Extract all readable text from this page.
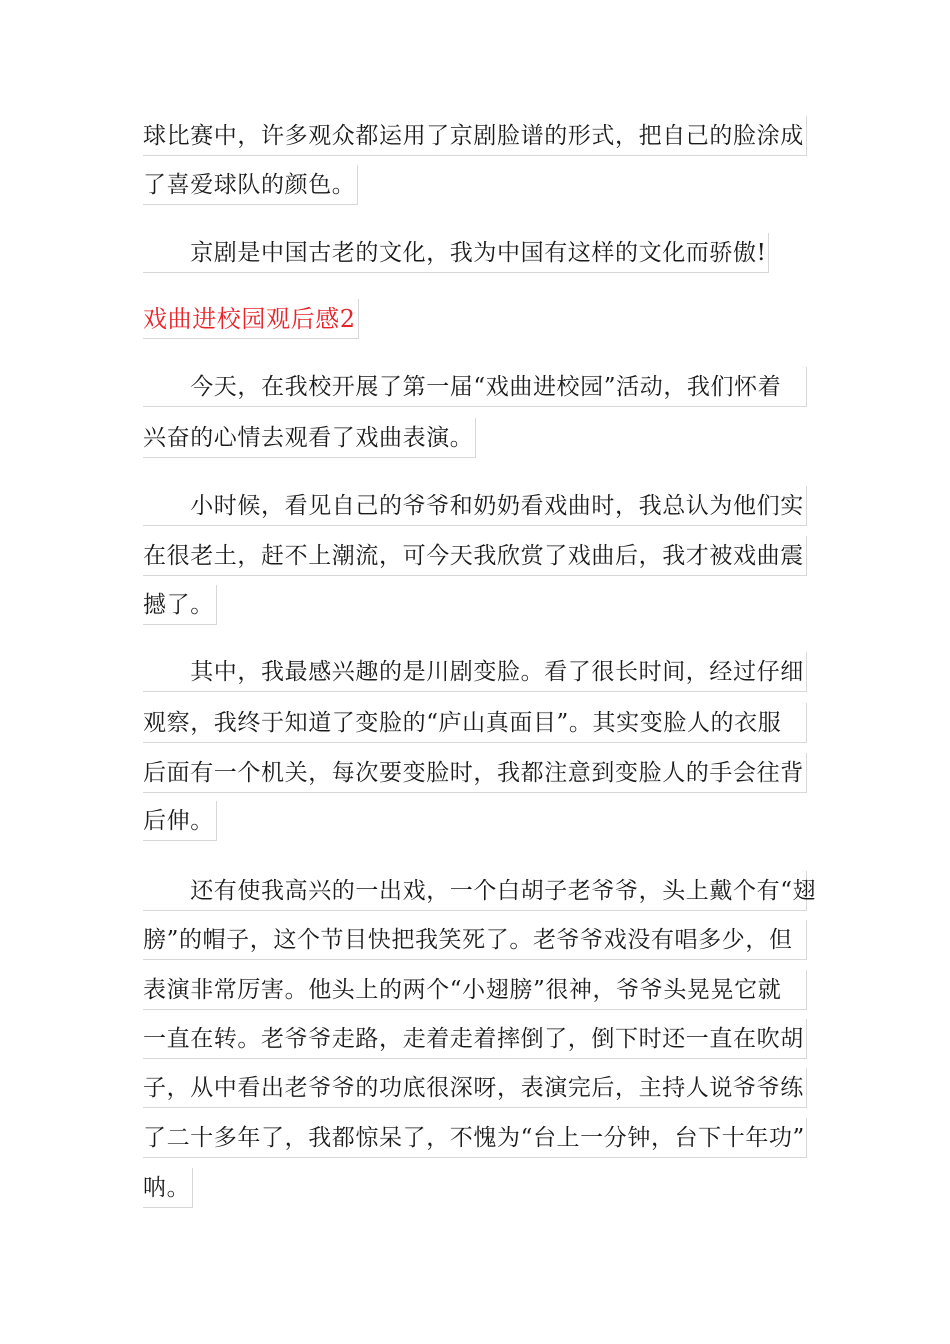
球比赛中，许多观众都运用了京剧脸谱的形式，把自己的脸涂成
了喜爱球队的颜色。
　　京剧是中国古老的文化，我为中国有这样的文化而骄傲!
戏曲进校园观后感2
　　今天，在我校开展了第一届“戏曲进校园”活动，我们怀着
兴奋的心情去观看了戏曲表演。
　　小时候，看见自己的爷爷和奶奶看戏曲时，我总认为他们实
在很老土，赶不上潮流，可今天我欣赏了戏曲后，我才被戏曲震
撼了。
　　其中，我最感兴趣的是川剧变脸。看了很长时间，经过仔细
观察，我终于知道了变脸的“庐山真面目”。其实变脸人的衣服
后面有一个机关，每次要变脸时，我都注意到变脸人的手会往背
后伸。
　　还有使我高兴的一出戏，一个白胡子老爷爷，头上戴个有“翅
膀”的帽子，这个节目快把我笑死了。老爷爷戏没有唱多少，但
表演非常厉害。他头上的两个“小翅膀”很神，爷爷头晃晃它就
一直在转。老爷爷走路，走着走着摔倒了，倒下时还一直在吹胡
子，从中看出老爷爷的功底很深呀，表演完后，主持人说爷爷练
了二十多年了，我都惊呆了，不愧为“台上一分钟，台下十年功”
呐。
